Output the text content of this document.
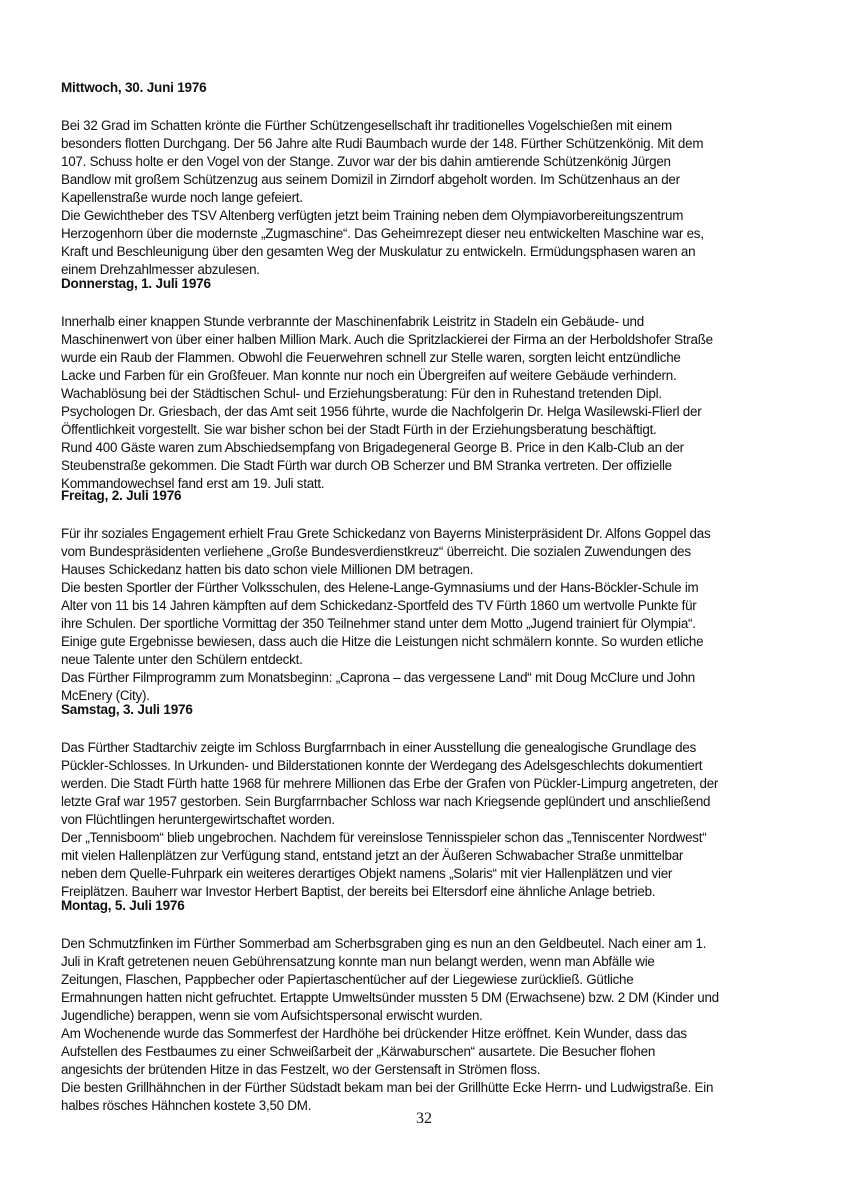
Mittwoch, 30. Juni 1976
Bei 32 Grad im Schatten krönte die Fürther Schützengesellschaft ihr traditionelles Vogelschießen mit einem
besonders flotten Durchgang. Der 56 Jahre alte Rudi Baumbach wurde der 148. Fürther Schützenkönig. Mit dem
107. Schuss holte er den Vogel von der Stange. Zuvor war der bis dahin amtierende Schützenkönig Jürgen
Bandlow mit großem Schützenzug aus seinem Domizil in Zirndorf abgeholt worden. Im Schützenhaus an der
Kapellenstraße wurde noch lange gefeiert.
Die Gewichtheber des TSV Altenberg verfügten jetzt beim Training neben dem Olympiavorbereitungszentrum
Herzogenhorn über die modernste „Zugmaschine“. Das Geheimrezept dieser neu entwickelten Maschine war es,
Kraft und Beschleunigung über den gesamten Weg der Muskulatur zu entwickeln. Ermüdungsphasen waren an
einem Drehzahlmesser abzulesen.
Donnerstag, 1. Juli 1976
Innerhalb einer knappen Stunde verbrannte der Maschinenfabrik Leistritz in Stadeln ein Gebäude- und
Maschinenwert von über einer halben Million Mark. Auch die Spritzlackierei der Firma an der Herboldshofer Straße
wurde ein Raub der Flammen. Obwohl die Feuerwehren schnell zur Stelle waren, sorgten leicht entzündliche
Lacke und Farben für ein Großfeuer. Man konnte nur noch ein Übergreifen auf weitere Gebäude verhindern.
Wachablösung bei der Städtischen Schul- und Erziehungsberatung: Für den in Ruhestand tretenden Dipl.
Psychologen Dr. Griesbach, der das Amt seit 1956 führte, wurde die Nachfolgerin Dr. Helga Wasilewski-Flierl der
Öffentlichkeit vorgestellt. Sie war bisher schon bei der Stadt Fürth in der Erziehungsberatung beschäftigt.
Rund 400 Gäste waren zum Abschiedsempfang von Brigadegeneral George B. Price in den Kalb-Club an der
Steubenstraße gekommen. Die Stadt Fürth war durch OB Scherzer und BM Stranka vertreten. Der offizielle
Kommandowechsel fand erst am 19. Juli statt.
Freitag, 2. Juli 1976
Für ihr soziales Engagement erhielt Frau Grete Schickedanz von Bayerns Ministerpräsident Dr. Alfons Goppel das
vom Bundespräsidenten verliehene „Große Bundesverdienstkreuz“ überreicht. Die sozialen Zuwendungen des
Hauses Schickedanz hatten bis dato schon viele Millionen DM betragen.
Die besten Sportler der Fürther Volksschulen, des Helene-Lange-Gymnasiums und der Hans-Böckler-Schule im
Alter von 11 bis 14 Jahren kämpften auf dem Schickedanz-Sportfeld des TV Fürth 1860 um wertvolle Punkte für
ihre Schulen. Der sportliche Vormittag der 350 Teilnehmer stand unter dem Motto „Jugend trainiert für Olympia“.
Einige gute Ergebnisse bewiesen, dass auch die Hitze die Leistungen nicht schmälern konnte. So wurden etliche
neue Talente unter den Schülern entdeckt.
Das Fürther Filmprogramm zum Monatsbeginn: „Caprona – das vergessene Land“ mit Doug McClure und John
McEnery (City).
Samstag, 3. Juli 1976
Das Fürther Stadtarchiv zeigte im Schloss Burgfarrnbach in einer Ausstellung die genealogische Grundlage des
Pückler-Schlosses. In Urkunden- und Bilderstationen konnte der Werdegang des Adelsgeschlechts dokumentiert
werden. Die Stadt Fürth hatte 1968 für mehrere Millionen das Erbe der Grafen von Pückler-Limpurg angetreten, der
letzte Graf war 1957 gestorben. Sein Burgfarrnbacher Schloss war nach Kriegsende geplündert und anschließend
von Flüchtlingen heruntergewirtschaftet worden.
Der „Tennisboom“ blieb ungebrochen. Nachdem für vereinslose Tennisspieler schon das „Tenniscenter Nordwest“
mit vielen Hallenplätzen zur Verfügung stand, entstand jetzt an der Äußeren Schwabacher Straße unmittelbar
neben dem Quelle-Fuhrpark ein weiteres derartiges Objekt namens „Solaris“ mit vier Hallenplätzen und vier
Freiplätzen. Bauherr war Investor Herbert Baptist, der bereits bei Eltersdorf eine ähnliche Anlage betrieb.
Montag, 5. Juli 1976
Den Schmutzfinken im Fürther Sommerbad am Scherbsgraben ging es nun an den Geldbeutel. Nach einer am 1.
Juli in Kraft getretenen neuen Gebührensatzung konnte man nun belangt werden, wenn man Abfälle wie
Zeitungen, Flaschen, Pappbecher oder Papiertaschentücher auf der Liegewiese zurückließ. Gütliche
Ermahnungen hatten nicht gefruchtet. Ertappte Umweltsünder mussten 5 DM (Erwachsene) bzw. 2 DM (Kinder und
Jugendliche) berappen, wenn sie vom Aufsichtspersonal erwischt wurden.
Am Wochenende wurde das Sommerfest der Hardhöhe bei drückender Hitze eröffnet. Kein Wunder, dass das
Aufstellen des Festbaumes zu einer Schweißarbeit der „Kärwaburschen“ ausartete. Die Besucher flohen
angesichts der brütenden Hitze in das Festzelt, wo der Gerstensaft in Strömen floss.
Die besten Grillhähnchen in der Fürther Südstadt bekam man bei der Grillhütte Ecke Herrn- und Ludwigstraße. Ein
halbes rösches Hähnchen kostete 3,50 DM.
32
